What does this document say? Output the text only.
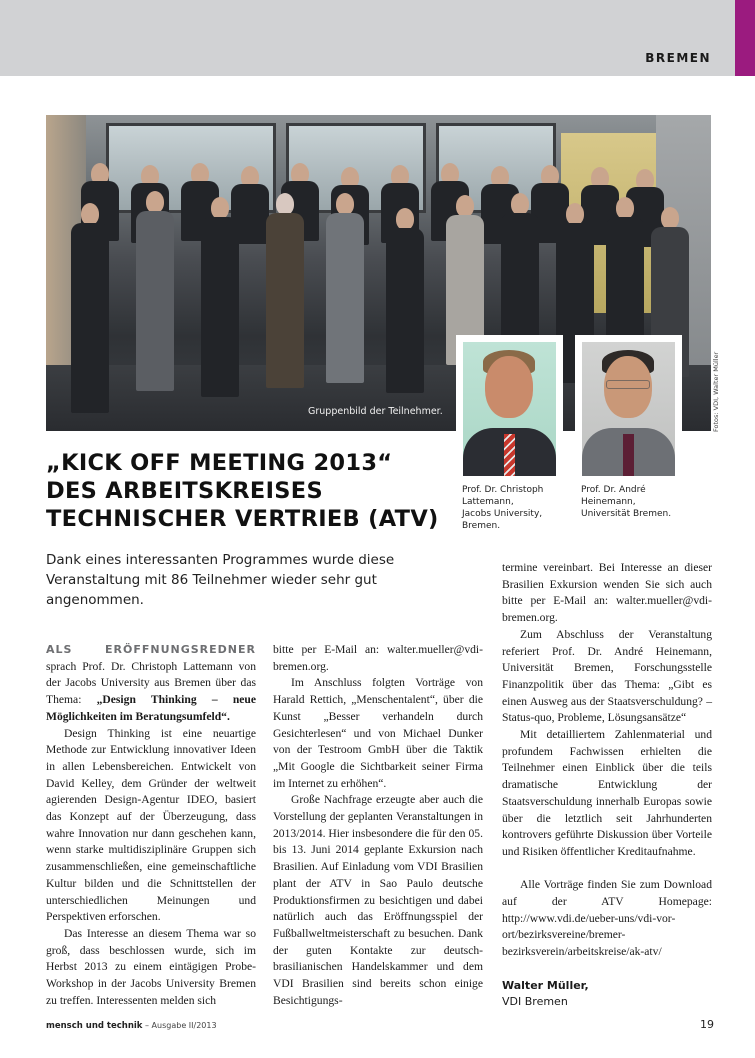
BREMEN
Gruppenbild der Teilnehmer.	Fotos: VDI, Walter Müller
Prof. Dr. Christoph
Lattemann,
Jacobs University,
Bremen.
Prof. Dr. André
Heinemann,
Universität Bremen.
„KICK OFF MEETING 2013“
DES ARBEITSKREISES
TECHNISCHER VERTRIEB (ATV)
Dank eines interessanten Programmes wurde diese Veranstaltung mit 86 Teilnehmer wieder sehr gut angenommen.

ALS ERÖFFNUNGSREDNER sprach Prof. Dr. Christoph Lattemann von der Jacobs University aus Bremen über das Thema: „Design Thinking – neue Möglichkeiten im Beratungsumfeld“.

Design Thinking ist eine neuartige Methode zur Entwicklung innovativer Ideen in allen Lebensbereichen. Entwickelt von David Kelley, dem Gründer der weltweit agierenden Design-Agentur IDEO, basiert das Konzept auf der Überzeugung, dass wahre Innovation nur dann geschehen kann, wenn starke multidisziplinäre Gruppen sich zusammenschließen, eine gemeinschaftliche Kultur bilden und die Schnittstellen der unterschiedlichen Meinungen und Perspektiven erforschen.

Das Interesse an diesem Thema war so groß, dass beschlossen wurde, sich im Herbst 2013 zu einem eintägigen Probe-Workshop in der Jacobs University Bremen zu treffen. Interessenten melden sich

bitte per E-Mail an: walter.mueller@vdi-bremen.org.

Im Anschluss folgten Vorträge von Harald Rettich, „Menschentalent“, über die Kunst „Besser verhandeln durch Gesichterlesen“ und von Michael Dunker von der Testroom GmbH über die Taktik „Mit Google die Sichtbarkeit seiner Firma im Internet zu erhöhen“.

Große Nachfrage erzeugte aber auch die Vorstellung der geplanten Veranstaltungen in 2013/2014. Hier insbesondere die für den 05. bis 13. Juni 2014 geplante Exkursion nach Brasilien. Auf Einladung vom VDI Brasilien plant der ATV in Sao Paulo deutsche Produktionsfirmen zu besichtigen und dabei natürlich auch das Eröffnungsspiel der Fußballweltmeisterschaft zu besuchen. Dank der guten Kontakte zur deutsch-brasilianischen Handelskammer und dem VDI Brasilien sind bereits schon einige Besichtigungs-

termine vereinbart. Bei Interesse an dieser Brasilien Exkursion wenden Sie sich auch bitte per E-Mail an: walter.mueller@vdi-bremen.org.

Zum Abschluss der Veranstaltung referiert Prof. Dr. André Heinemann, Universität Bremen, Forschungsstelle Finanzpolitik über das Thema: „Gibt es einen Ausweg aus der Staatsverschuldung? – Status-quo, Probleme, Lösungsansätze“

Mit detailliertem Zahlenmaterial und profundem Fachwissen erhielten die Teilnehmer einen Einblick über die teils dramatische Entwicklung der Staatsverschuldung innerhalb Europas sowie über die letztlich seit Jahrhunderten kontrovers geführte Diskussion über Vorteile und Risiken öffentlicher Kreditaufnahme.

Alle Vorträge finden Sie zum Download auf der ATV Homepage: http://www.vdi.de/ueber-uns/vdi-vor-ort/bezirksvereine/bremer-bezirksverein/arbeitskreise/ak-atv/

Walter Müller,

VDI Bremen

mensch und technik – Ausgabe II/2013	19
